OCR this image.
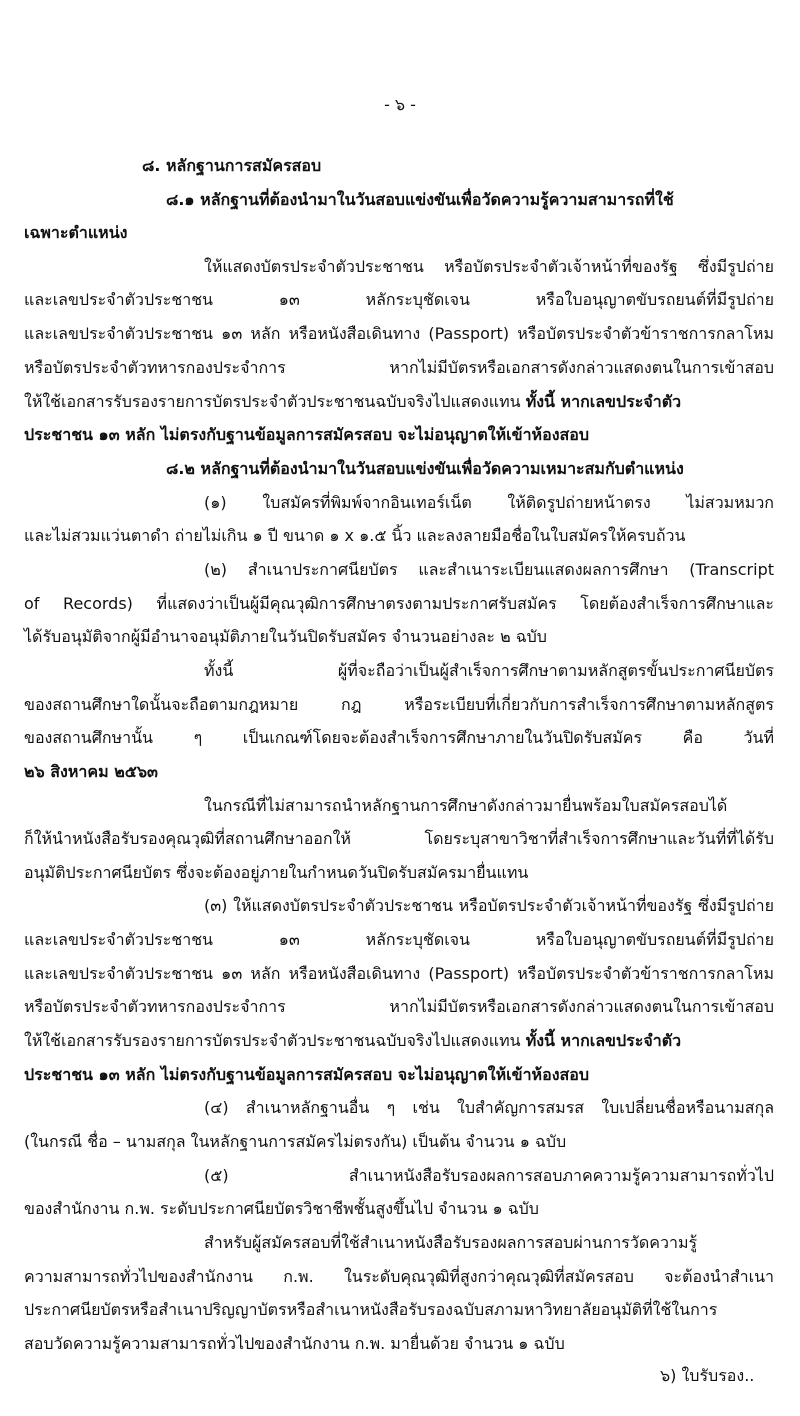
- ๖ -
๘. หลักฐานการสมัครสอบ
๘.๑ หลักฐานที่ต้องนำมาในวันสอบแข่งขันเพื่อวัดความรู้ความสามารถที่ใช้
เฉพาะตำแหน่ง
ให้แสดงบัตรประจำตัวประชาชน หรือบัตรประจำตัวเจ้าหน้าที่ของรัฐ ซึ่งมีรูปถ่าย
และเลขประจำตัวประชาชน ๑๓ หลักระบุชัดเจน หรือใบอนุญาตขับรถยนต์ที่มีรูปถ่าย
และเลขประจำตัวประชาชน ๑๓ หลัก หรือหนังสือเดินทาง (Passport) หรือบัตรประจำตัวข้าราชการกลาโหม
หรือบัตรประจำตัวทหารกองประจำการ หากไม่มีบัตรหรือเอกสารดังกล่าวแสดงตนในการเข้าสอบ
ให้ใช้เอกสารรับรองรายการบัตรประจำตัวประชาชนฉบับจริงไปแสดงแทน ทั้งนี้ หากเลขประจำตัว
ประชาชน ๑๓ หลัก ไม่ตรงกับฐานข้อมูลการสมัครสอบ จะไม่อนุญาตให้เข้าห้องสอบ
๘.๒ หลักฐานที่ต้องนำมาในวันสอบแข่งขันเพื่อวัดความเหมาะสมกับตำแหน่ง
(๑) ใบสมัครที่พิมพ์จากอินเทอร์เน็ต ให้ติดรูปถ่ายหน้าตรง ไม่สวมหมวก
และไม่สวมแว่นตาดำ ถ่ายไม่เกิน ๑ ปี ขนาด ๑ x ๑.๕ นิ้ว และลงลายมือชื่อในใบสมัครให้ครบถ้วน
(๒) สำเนาประกาศนียบัตร และสำเนาระเบียนแสดงผลการศึกษา (Transcript
of Records) ที่แสดงว่าเป็นผู้มีคุณวุฒิการศึกษาตรงตามประกาศรับสมัคร โดยต้องสำเร็จการศึกษาและ
ได้รับอนุมัติจากผู้มีอำนาจอนุมัติภายในวันปิดรับสมัคร จำนวนอย่างละ ๒ ฉบับ
ทั้งนี้ ผู้ที่จะถือว่าเป็นผู้สำเร็จการศึกษาตามหลักสูตรขั้นประกาศนียบัตร
ของสถานศึกษาใดนั้นจะถือตามกฎหมาย กฎ หรือระเบียบที่เกี่ยวกับการสำเร็จการศึกษาตามหลักสูตร
ของสถานศึกษานั้น ๆ เป็นเกณฑ์โดยจะต้องสำเร็จการศึกษาภายในวันปิดรับสมัคร คือ วันที่
๒๖ สิงหาคม ๒๕๖๓
ในกรณีที่ไม่สามารถนำหลักฐานการศึกษาดังกล่าวมายื่นพร้อมใบสมัครสอบได้
ก็ให้นำหนังสือรับรองคุณวุฒิที่สถานศึกษาออกให้ โดยระบุสาขาวิชาที่สำเร็จการศึกษาและวันที่ที่ได้รับ
อนุมัติประกาศนียบัตร ซึ่งจะต้องอยู่ภายในกำหนดวันปิดรับสมัครมายื่นแทน
(๓) ให้แสดงบัตรประจำตัวประชาชน หรือบัตรประจำตัวเจ้าหน้าที่ของรัฐ ซึ่งมีรูปถ่าย
และเลขประจำตัวประชาชน ๑๓ หลักระบุชัดเจน หรือใบอนุญาตขับรถยนต์ที่มีรูปถ่าย
และเลขประจำตัวประชาชน ๑๓ หลัก หรือหนังสือเดินทาง (Passport) หรือบัตรประจำตัวข้าราชการกลาโหม
หรือบัตรประจำตัวทหารกองประจำการ หากไม่มีบัตรหรือเอกสารดังกล่าวแสดงตนในการเข้าสอบ
ให้ใช้เอกสารรับรองรายการบัตรประจำตัวประชาชนฉบับจริงไปแสดงแทน ทั้งนี้ หากเลขประจำตัว
ประชาชน ๑๓ หลัก ไม่ตรงกับฐานข้อมูลการสมัครสอบ จะไม่อนุญาตให้เข้าห้องสอบ
(๔) สำเนาหลักฐานอื่น ๆ เช่น ใบสำคัญการสมรส ใบเปลี่ยนชื่อหรือนามสกุล
(ในกรณี ชื่อ – นามสกุล ในหลักฐานการสมัครไม่ตรงกัน) เป็นต้น จำนวน ๑ ฉบับ
(๕) สำเนาหนังสือรับรองผลการสอบภาคความรู้ความสามารถทั่วไป
ของสำนักงาน ก.พ. ระดับประกาศนียบัตรวิชาชีพชั้นสูงขึ้นไป จำนวน ๑ ฉบับ
สำหรับผู้สมัครสอบที่ใช้สำเนาหนังสือรับรองผลการสอบผ่านการวัดความรู้
ความสามารถทั่วไปของสำนักงาน ก.พ. ในระดับคุณวุฒิที่สูงกว่าคุณวุฒิที่สมัครสอบ จะต้องนำสำเนา
ประกาศนียบัตรหรือสำเนาปริญญาบัตรหรือสำเนาหนังสือรับรองฉบับสภามหาวิทยาลัยอนุมัติที่ใช้ในการ
สอบวัดความรู้ความสามารถทั่วไปของสำนักงาน ก.พ. มายื่นด้วย จำนวน ๑ ฉบับ
๖) ใบรับรอง..
